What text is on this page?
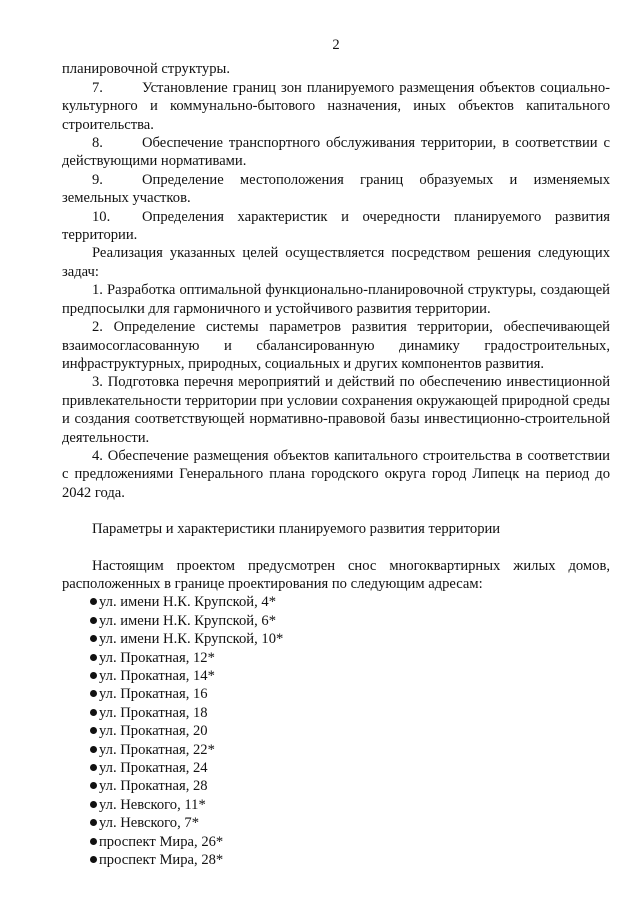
2

планировочной структуры.

7.	Установление границ зон планируемого размещения объектов социально-культурного и коммунально-бытового назначения, иных объектов капитального строительства.

8.	Обеспечение транспортного обслуживания территории, в соответствии с действующими нормативами.

9.	Определение местоположения границ образуемых и изменяемых земельных участков.

10. Определения характеристик и очередности планируемого развития территории.

Реализация указанных целей осуществляется посредством решения следующих задач:

1. Разработка оптимальной функционально-планировочной структуры, создающей предпосылки для гармоничного и устойчивого развития территории.

2. Определение системы параметров развития территории, обеспечивающей взаимосогласованную и сбалансированную динамику градостроительных, инфраструктурных, природных, социальных и других компонентов развития.

3. Подготовка перечня мероприятий и действий по обеспечению инвестиционной привлекательности территории при условии сохранения окружающей природной среды и создания соответствующей нормативно-правовой базы инвестиционно-строительной деятельности.

4. Обеспечение размещения объектов капитального строительства в соответствии с предложениями Генерального плана городского округа город Липецк на период до 2042 года.

Параметры и характеристики планируемого развития территории

Настоящим проектом предусмотрен снос многоквартирных жилых домов, расположенных в границе проектирования по следующим адресам:

ул. имени Н.К. Крупской, 4*
ул. имени Н.К. Крупской, 6*
ул. имени Н.К. Крупской, 10*
ул. Прокатная, 12*
ул. Прокатная, 14*
ул. Прокатная, 16
ул. Прокатная, 18
ул. Прокатная, 20
ул. Прокатная, 22*
ул. Прокатная, 24
ул. Прокатная, 28
ул. Невского, 11*
ул. Невского, 7*
проспект Мира, 26*
проспект Мира, 28*
